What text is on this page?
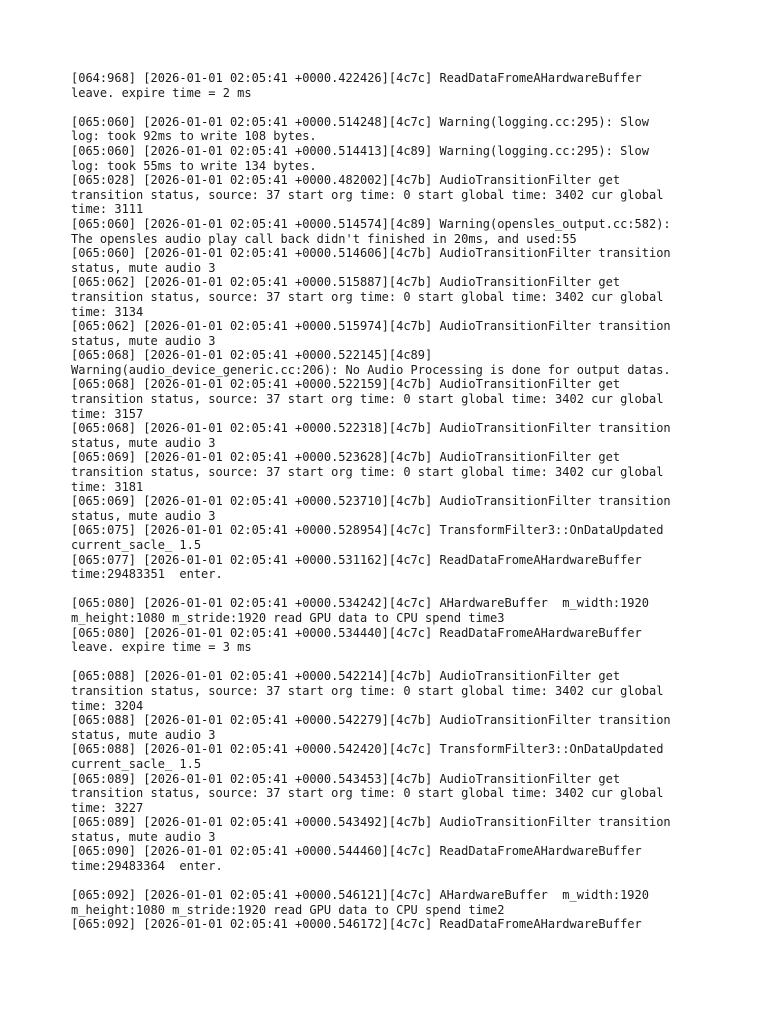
[064:968] [2026-01-01 02:05:41 +0000.422426][4c7c] ReadDataFromeAHardwareBuffer
leave. expire time = 2 ms
[065:060] [2026-01-01 02:05:41 +0000.514248][4c7c] Warning(logging.cc:295): Slow
log: took 92ms to write 108 bytes.
[065:060] [2026-01-01 02:05:41 +0000.514413][4c89] Warning(logging.cc:295): Slow
log: took 55ms to write 134 bytes.
[065:028] [2026-01-01 02:05:41 +0000.482002][4c7b] AudioTransitionFilter get
transition status, source: 37 start org time: 0 start global time: 3402 cur global
time: 3111
[065:060] [2026-01-01 02:05:41 +0000.514574][4c89] Warning(opensles_output.cc:582):
The opensles audio play call back didn't finished in 20ms, and used:55
[065:060] [2026-01-01 02:05:41 +0000.514606][4c7b] AudioTransitionFilter transition
status, mute audio 3
[065:062] [2026-01-01 02:05:41 +0000.515887][4c7b] AudioTransitionFilter get
transition status, source: 37 start org time: 0 start global time: 3402 cur global
time: 3134
[065:062] [2026-01-01 02:05:41 +0000.515974][4c7b] AudioTransitionFilter transition
status, mute audio 3
[065:068] [2026-01-01 02:05:41 +0000.522145][4c89]
Warning(audio_device_generic.cc:206): No Audio Processing is done for output datas.
[065:068] [2026-01-01 02:05:41 +0000.522159][4c7b] AudioTransitionFilter get
transition status, source: 37 start org time: 0 start global time: 3402 cur global
time: 3157
[065:068] [2026-01-01 02:05:41 +0000.522318][4c7b] AudioTransitionFilter transition
status, mute audio 3
[065:069] [2026-01-01 02:05:41 +0000.523628][4c7b] AudioTransitionFilter get
transition status, source: 37 start org time: 0 start global time: 3402 cur global
time: 3181
[065:069] [2026-01-01 02:05:41 +0000.523710][4c7b] AudioTransitionFilter transition
status, mute audio 3
[065:075] [2026-01-01 02:05:41 +0000.528954][4c7c] TransformFilter3::OnDataUpdated
current_sacle_ 1.5
[065:077] [2026-01-01 02:05:41 +0000.531162][4c7c] ReadDataFromeAHardwareBuffer
time:29483351  enter.
[065:080] [2026-01-01 02:05:41 +0000.534242][4c7c] AHardwareBuffer  m_width:1920
m_height:1080 m_stride:1920 read GPU data to CPU spend time3
[065:080] [2026-01-01 02:05:41 +0000.534440][4c7c] ReadDataFromeAHardwareBuffer
leave. expire time = 3 ms
[065:088] [2026-01-01 02:05:41 +0000.542214][4c7b] AudioTransitionFilter get
transition status, source: 37 start org time: 0 start global time: 3402 cur global
time: 3204
[065:088] [2026-01-01 02:05:41 +0000.542279][4c7b] AudioTransitionFilter transition
status, mute audio 3
[065:088] [2026-01-01 02:05:41 +0000.542420][4c7c] TransformFilter3::OnDataUpdated
current_sacle_ 1.5
[065:089] [2026-01-01 02:05:41 +0000.543453][4c7b] AudioTransitionFilter get
transition status, source: 37 start org time: 0 start global time: 3402 cur global
time: 3227
[065:089] [2026-01-01 02:05:41 +0000.543492][4c7b] AudioTransitionFilter transition
status, mute audio 3
[065:090] [2026-01-01 02:05:41 +0000.544460][4c7c] ReadDataFromeAHardwareBuffer
time:29483364  enter.
[065:092] [2026-01-01 02:05:41 +0000.546121][4c7c] AHardwareBuffer  m_width:1920
m_height:1080 m_stride:1920 read GPU data to CPU spend time2
[065:092] [2026-01-01 02:05:41 +0000.546172][4c7c] ReadDataFromeAHardwareBuffer
